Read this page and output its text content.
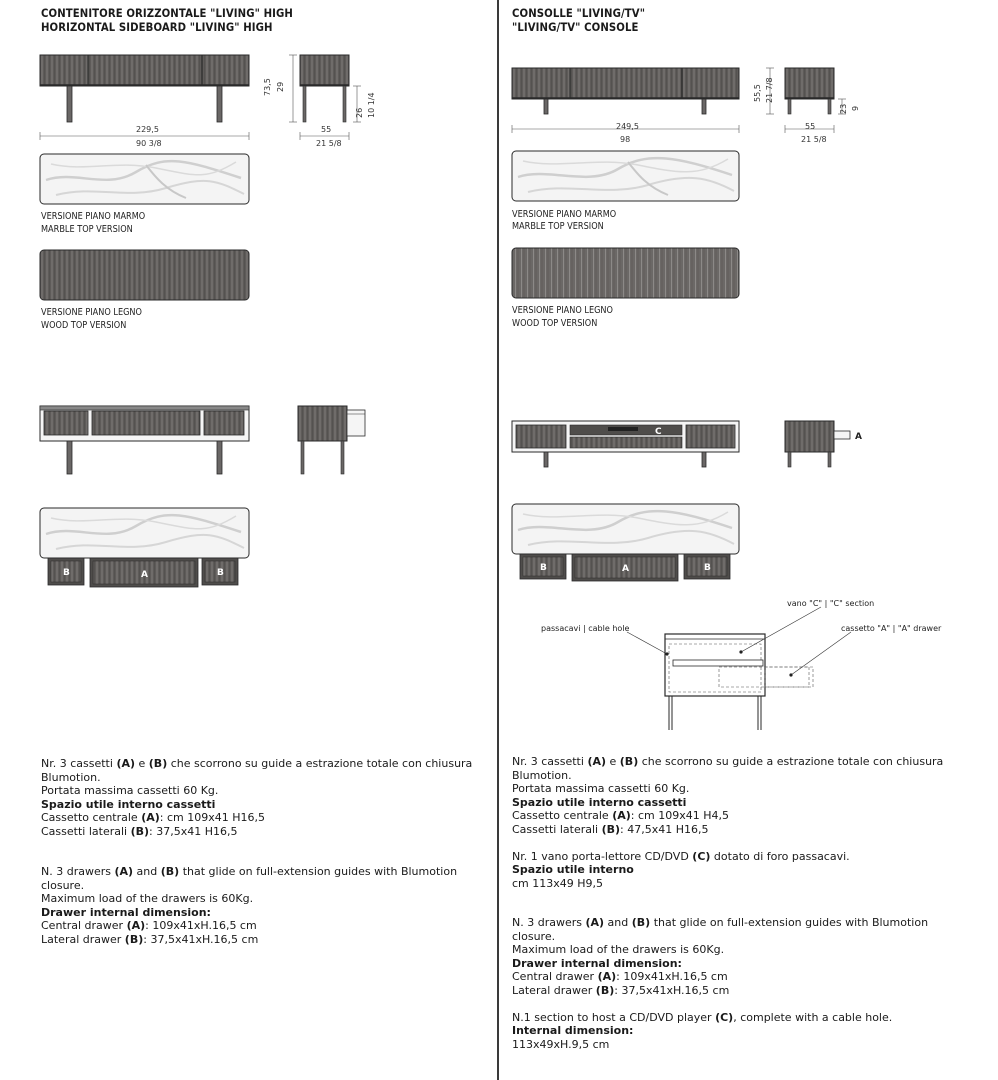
CONTENITORE ORIZZONTALE "LIVING" HIGH
HORIZONTAL SIDEBOARD "LIVING" HIGH
229,5
90 3/8
73,5 29
26 10 1/4
55
21 5/8
VERSIONE PIANO MARMO
MARBLE TOP VERSION
VERSIONE PIANO LEGNO
WOOD TOP VERSION
B	A	B

Nr. 3 cassetti (A) e (B) che scorrono su guide a estrazione totale con chiusura

Blumotion.

Portata massima cassetti 60 Kg.

Spazio utile interno cassetti

Cassetto centrale (A): cm 109x41 H16,5

Cassetti laterali (B): 37,5x41 H16,5

N. 3 drawers (A) and (B) that glide on full-extension guides with Blumotion

closure.

Maximum load of the drawers is 60Kg.

Drawer internal dimension:

Central drawer (A): 109x41xH.16,5 cm

Lateral drawer (B): 37,5x41xH.16,5 cm

CONSOLLE "LIVING/TV"
"LIVING/TV" CONSOLE
249,5
98
55,5 21 7/8
23 9
55
21 5/8
VERSIONE PIANO MARMO
MARBLE TOP VERSION
VERSIONE PIANO LEGNO
WOOD TOP VERSION
C	A
B	A	B
vano "C" | "C" section
passacavi | cable hole	cassetto "A" | "A" drawer

Nr. 3 cassetti (A) e (B) che scorrono su guide a estrazione totale con chiusura

Blumotion.

Portata massima cassetti 60 Kg.

Spazio utile interno cassetti

Cassetto centrale (A): cm 109x41 H4,5

Cassetti laterali (B): 47,5x41 H16,5

Nr. 1 vano porta-lettore CD/DVD (C) dotato di foro passacavi.

Spazio utile interno

cm 113x49 H9,5

N. 3 drawers (A) and (B) that glide on full-extension guides with Blumotion

closure.

Maximum load of the drawers is 60Kg.

Drawer internal dimension:

Central drawer (A): 109x41xH.16,5 cm

Lateral drawer (B): 37,5x41xH.16,5 cm

N.1 section to host a CD/DVD player (C), complete with a cable hole.

Internal dimension:

113x49xH.9,5 cm
